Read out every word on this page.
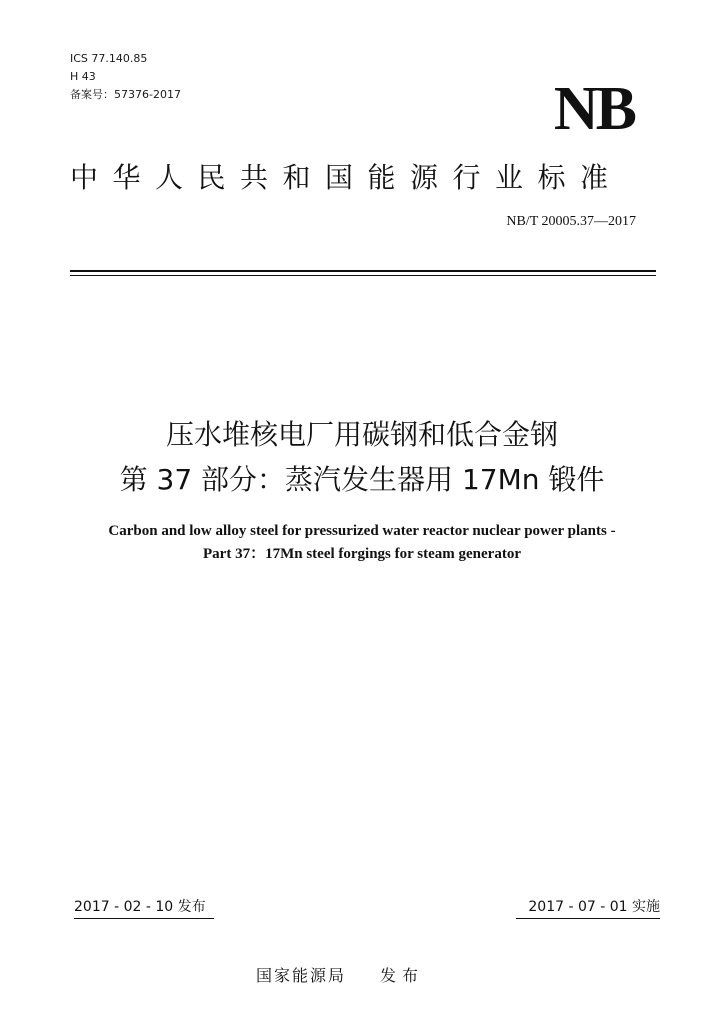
ICS 77.140.85
H 43
备案号：57376-2017	NB
中华人民共和国能源行业标准
NB/T 20005.37—2017
压水堆核电厂用碳钢和低合金钢
第 37 部分：蒸汽发生器用 17Mn 锻件
Carbon and low alloy steel for pressurized water reactor nuclear power plants -
Part 37：17Mn steel forgings for steam generator
2017 - 02 - 10 发布	2017 - 07 - 01 实施
国家能源局 发布
